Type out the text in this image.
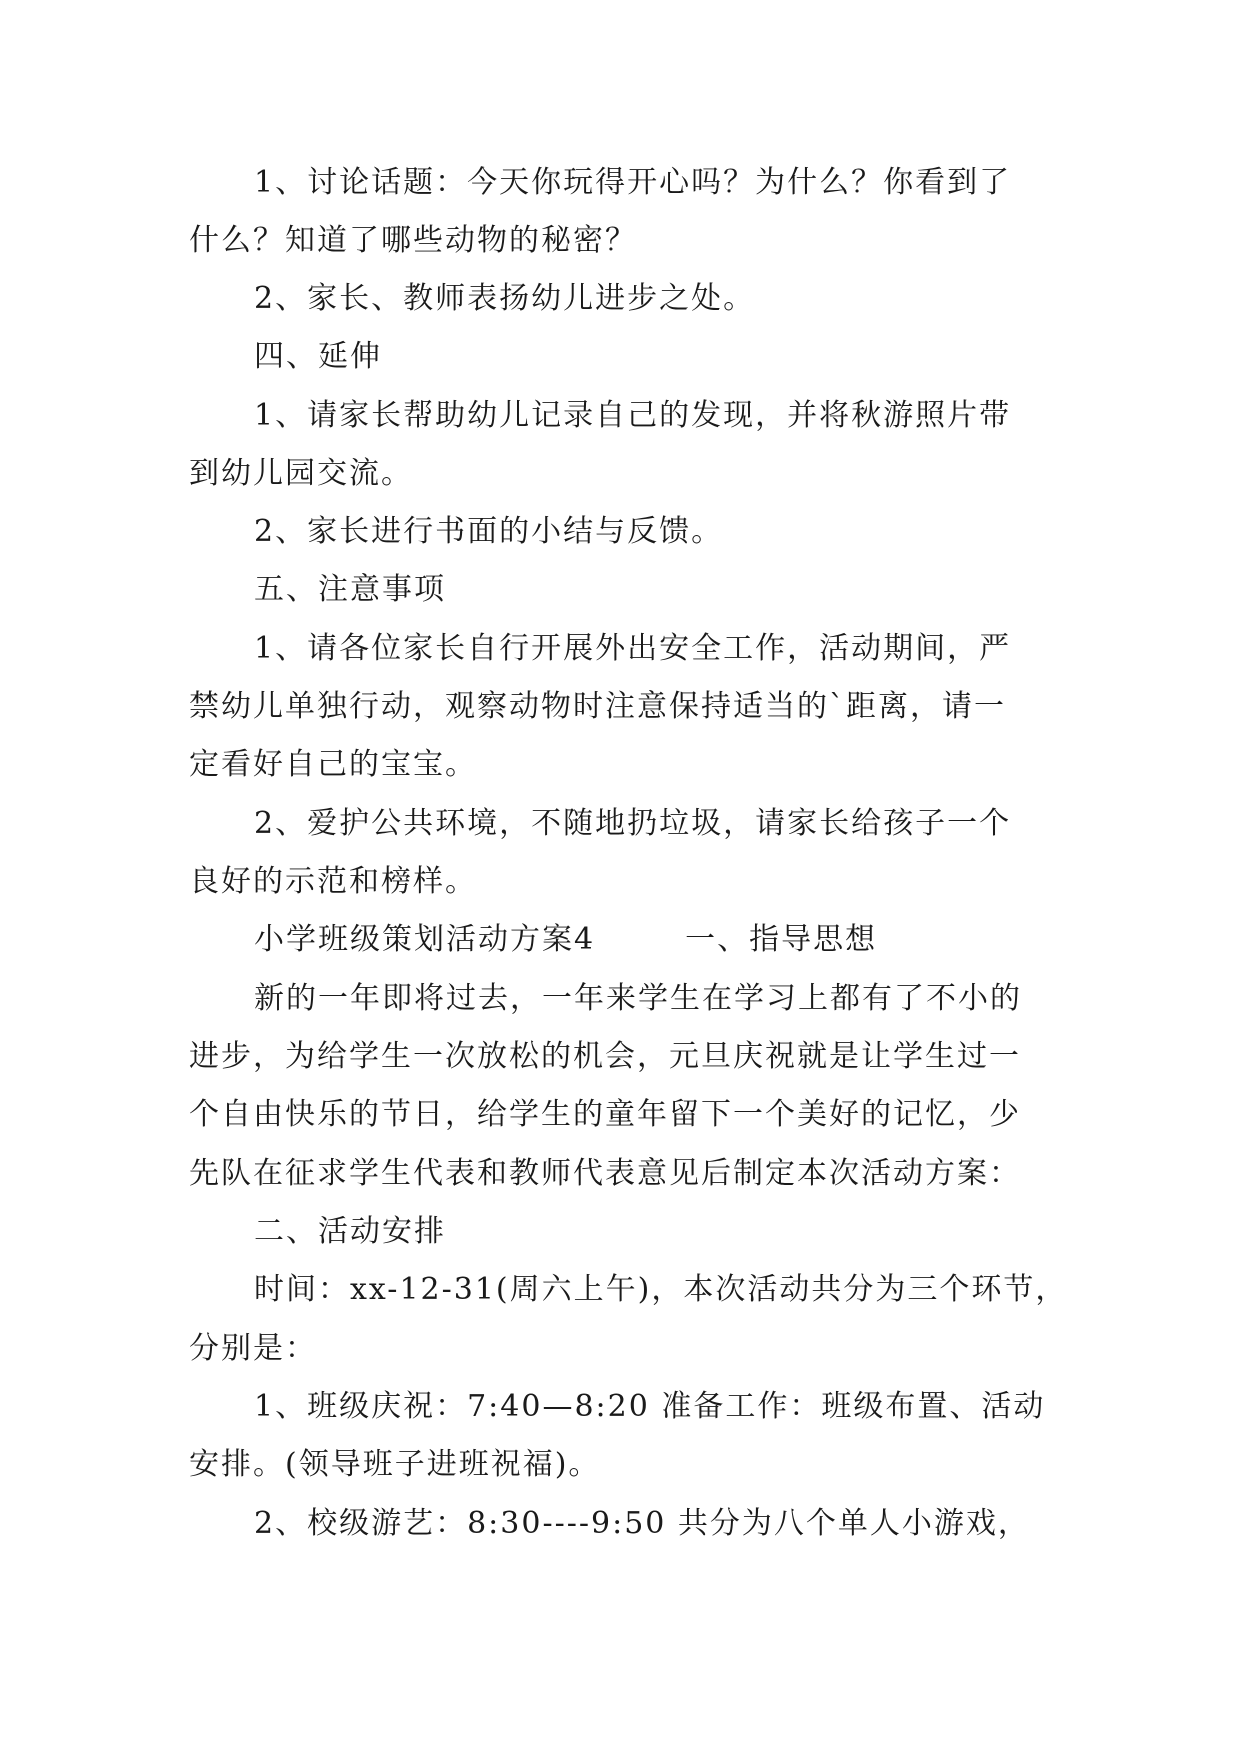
1、讨论话题：今天你玩得开心吗？为什么？你看到了

什么？知道了哪些动物的秘密？

2、家长、教师表扬幼儿进步之处。

四、延伸

1、请家长帮助幼儿记录自己的发现，并将秋游照片带

到幼儿园交流。

2、家长进行书面的小结与反馈。

五、注意事项

1、请各位家长自行开展外出安全工作，活动期间，严

禁幼儿单独行动，观察动物时注意保持适当的`距离，请一

定看好自己的宝宝。

2、爱护公共环境，不随地扔垃圾，请家长给孩子一个

良好的示范和榜样。

小学班级策划活动方案4	一、指导思想

新的一年即将过去，一年来学生在学习上都有了不小的

进步，为给学生一次放松的机会，元旦庆祝就是让学生过一

个自由快乐的节日，给学生的童年留下一个美好的记忆，少

先队在征求学生代表和教师代表意见后制定本次活动方案：

二、活动安排

时间：xx-12-31(周六上午)，本次活动共分为三个环节，

分别是：

1、班级庆祝：7:40—8:20 准备工作：班级布置、活动

安排。(领导班子进班祝福)。

2、校级游艺：8:30----9:50 共分为八个单人小游戏，
